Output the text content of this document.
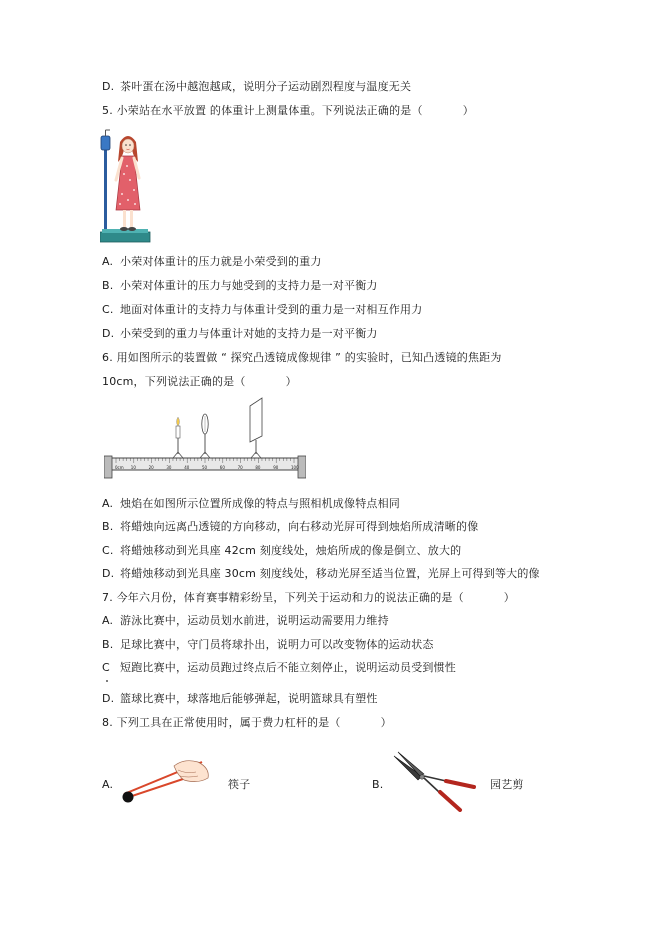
D. 茶叶蛋在汤中越泡越咸，说明分子运动剧烈程度与温度无关
5. 小荣站在水平放置 的体重计上测量体重。下列说法正确的是（	）
A. 小荣对体重计的压力就是小荣受到的重力
B. 小荣对体重计的压力与她受到的支持力是一对平衡力
C. 地面对体重计的支持力与体重计受到的重力是一对相互作用力
D. 小荣受到的重力与体重计对她的支持力是一对平衡力
6. 用如图所示的装置做 “ 探究凸透镜成像规律 ” 的实验时，已知凸透镜的焦距为
10cm，下列说法正确的是（	）
0cm 10	20	30	40	50	60	70	80	90	100
A. 烛焰在如图所示位置所成像的特点与照相机成像特点相同
B. 将蜡烛向远离凸透镜的方向移动，向右移动光屏可得到烛焰所成清晰的像
C. 将蜡烛移动到光具座 42cm 刻度线处，烛焰所成的像是倒立、放大的
D. 将蜡烛移动到光具座 30cm 刻度线处，移动光屏至适当位置，光屏上可得到等大的像
7. 今年六月份，体育赛事精彩纷呈，下列关于运动和力的说法正确的是（	）
A. 游泳比赛中，运动员划水前进，说明运动需要用力维持
B. 足球比赛中，守门员将球扑出，说明力可以改变物体的运动状态
C 短跑比赛中，运动员跑过终点后不能立刻停止，说明运动员受到惯性
D. 篮球比赛中，球落地后能够弹起，说明篮球具有塑性
8. 下列工具在正常使用时，属于费力杠杆的是（	）
A.	筷子	B.	园艺剪
